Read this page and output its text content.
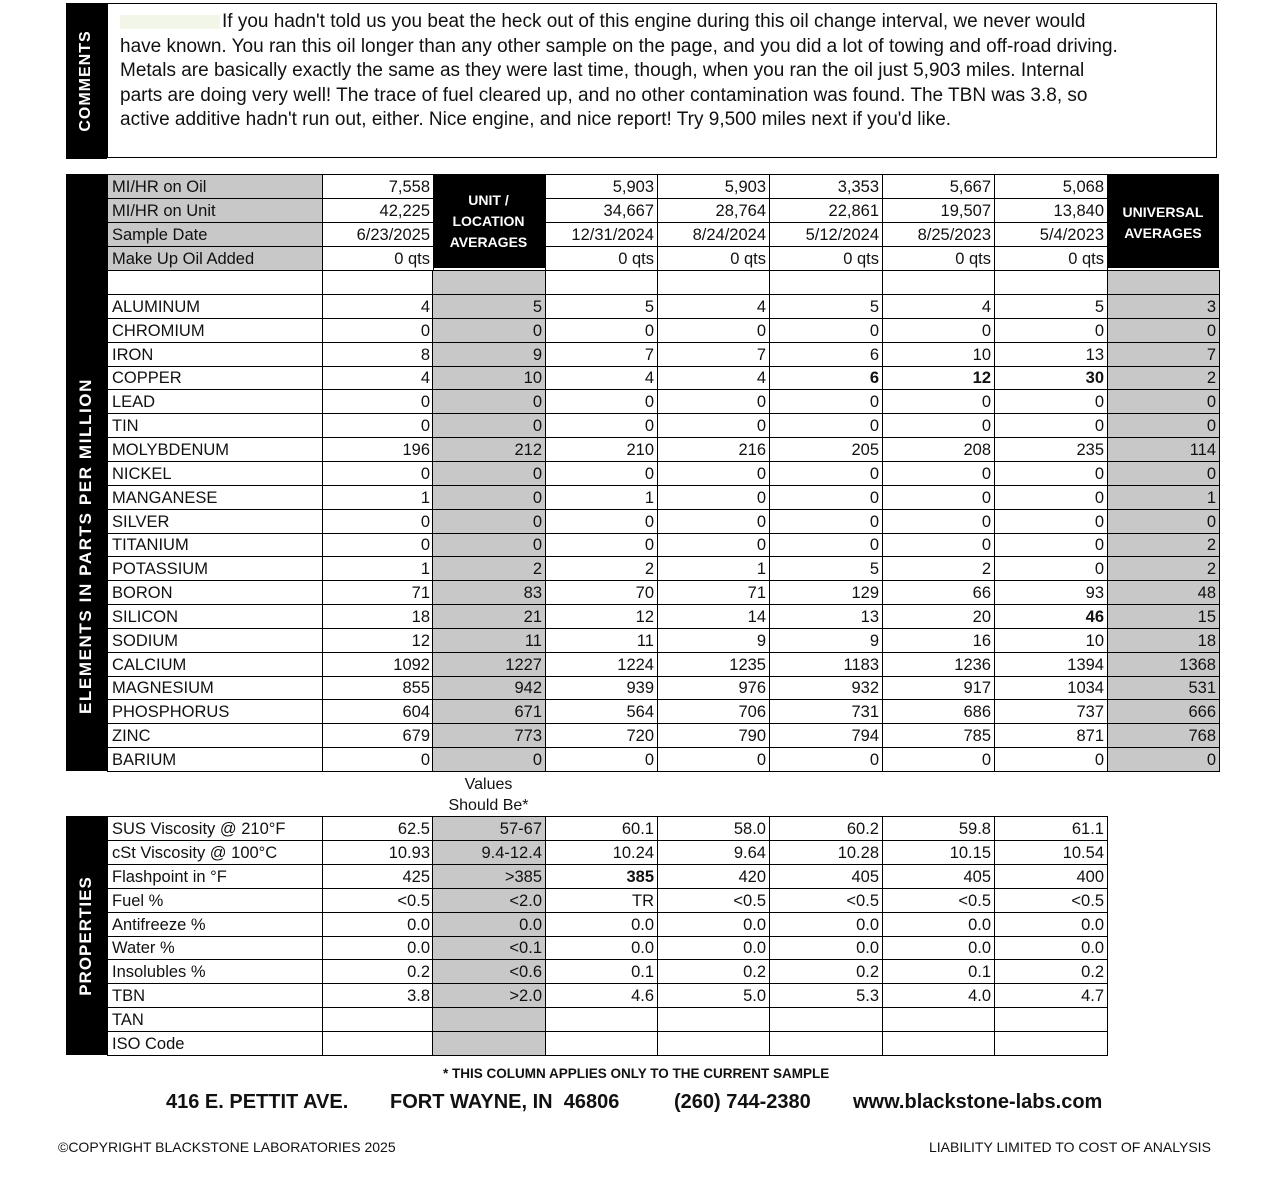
COMMENTS
If you hadn't told us you beat the heck out of this engine during this oil change interval, we never would have known. You ran this oil longer than any other sample on the page, and you did a lot of towing and off-road driving. Metals are basically exactly the same as they were last time, though, when you ran the oil just 5,903 miles. Internal parts are doing very well! The trace of fuel cleared up, and no other contamination was found. The TBN was 3.8, so active additive hadn't run out, either. Nice engine, and nice report! Try 9,500 miles next if you'd like.
ELEMENTS IN PARTS PER MILLION
UNIT /
LOCATION
AVERAGES
UNIVERSAL
AVERAGES
MI/HR on Oil	7,558	5,903	5,903	3,353	5,667	5,068
MI/HR on Unit	42,225	34,667	28,764	22,861	19,507	13,840
Sample Date	6/23/2025	12/31/2024	8/24/2024	5/12/2024	8/25/2023	5/4/2023
Make Up Oil Added	0 qts	0 qts	0 qts	0 qts	0 qts	0 qts
ALUMINUM	4	5	5	4	5	4	5	3
CHROMIUM	0	0	0	0	0	0	0	0
IRON	8	9	7	7	6	10	13	7
COPPER	4	10	4	4	6	12	30	2
LEAD	0	0	0	0	0	0	0	0
TIN	0	0	0	0	0	0	0	0
MOLYBDENUM	196	212	210	216	205	208	235	114
NICKEL	0	0	0	0	0	0	0	0
MANGANESE	1	0	1	0	0	0	0	1
SILVER	0	0	0	0	0	0	0	0
TITANIUM	0	0	0	0	0	0	0	2
POTASSIUM	1	2	2	1	5	2	0	2
BORON	71	83	70	71	129	66	93	48
SILICON	18	21	12	14	13	20	46	15
SODIUM	12	11	11	9	9	16	10	18
CALCIUM	1092	1227	1224	1235	1183	1236	1394	1368
MAGNESIUM	855	942	939	976	932	917	1034	531
PHOSPHORUS	604	671	564	706	731	686	737	666
ZINC	679	773	720	790	794	785	871	768
BARIUM	0	0	0	0	0	0	0	0
Values
Should Be*
PROPERTIES
SUS Viscosity @ 210°F	62.5	57-67	60.1	58.0	60.2	59.8	61.1
cSt Viscosity @ 100°C	10.93	9.4-12.4	10.24	9.64	10.28	10.15	10.54
Flashpoint in °F	425	>385	385	420	405	405	400
Fuel %	<0.5	<2.0	TR	<0.5	<0.5	<0.5	<0.5
Antifreeze %	0.0	0.0	0.0	0.0	0.0	0.0	0.0
Water %	0.0	<0.1	0.0	0.0	0.0	0.0	0.0
Insolubles %	0.2	<0.6	0.1	0.2	0.2	0.1	0.2
TBN	3.8	>2.0	4.6	5.0	5.3	4.0	4.7
TAN
ISO Code
* THIS COLUMN APPLIES ONLY TO THE CURRENT SAMPLE
416 E. PETTIT AVE. FORT WAYNE, IN  46806	(260) 744-2380 www.blackstone-labs.com
©COPYRIGHT BLACKSTONE LABORATORIES 2025	LIABILITY LIMITED TO COST OF ANALYSIS
